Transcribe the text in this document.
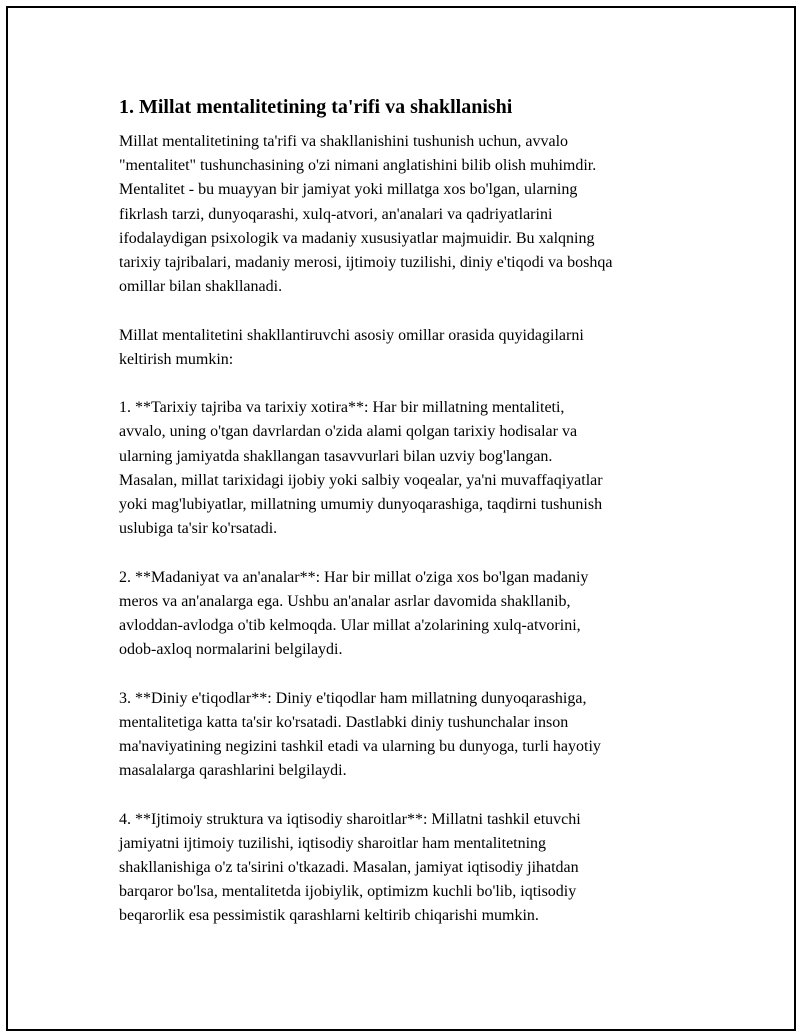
1. Millat mentalitetining ta'rifi va shakllanishi

Millat mentalitetining ta'rifi va shakllanishini tushunish uchun, avvalo
"mentalitet" tushunchasining o'zi nimani anglatishini bilib olish muhimdir.
Mentalitet - bu muayyan bir jamiyat yoki millatga xos bo'lgan, ularning
fikrlash tarzi, dunyoqarashi, xulq-atvori, an'analari va qadriyatlarini
ifodalaydigan psixologik va madaniy xususiyatlar majmuidir. Bu xalqning
tarixiy tajribalari, madaniy merosi, ijtimoiy tuzilishi, diniy e'tiqodi va boshqa
omillar bilan shakllanadi.

Millat mentalitetini shakllantiruvchi asosiy omillar orasida quyidagilarni
keltirish mumkin:

1. **Tarixiy tajriba va tarixiy xotira**: Har bir millatning mentaliteti,
avvalo, uning o'tgan davrlardan o'zida alami qolgan tarixiy hodisalar va
ularning jamiyatda shakllangan tasavvurlari bilan uzviy bog'langan.
Masalan, millat tarixidagi ijobiy yoki salbiy voqealar, ya'ni muvaffaqiyatlar
yoki mag'lubiyatlar, millatning umumiy dunyoqarashiga, taqdirni tushunish
uslubiga ta'sir ko'rsatadi.

2. **Madaniyat va an'analar**: Har bir millat o'ziga xos bo'lgan madaniy
meros va an'analarga ega. Ushbu an'analar asrlar davomida shakllanib,
avloddan-avlodga o'tib kelmoqda. Ular millat a'zolarining xulq-atvorini,
odob-axloq normalarini belgilaydi.

3. **Diniy e'tiqodlar**: Diniy e'tiqodlar ham millatning dunyoqarashiga,
mentalitetiga katta ta'sir ko'rsatadi. Dastlabki diniy tushunchalar inson
ma'naviyatining negizini tashkil etadi va ularning bu dunyoga, turli hayotiy
masalalarga qarashlarini belgilaydi.

4. **Ijtimoiy struktura va iqtisodiy sharoitlar**: Millatni tashkil etuvchi
jamiyatni ijtimoiy tuzilishi, iqtisodiy sharoitlar ham mentalitetning
shakllanishiga o'z ta'sirini o'tkazadi. Masalan, jamiyat iqtisodiy jihatdan
barqaror bo'lsa, mentalitetda ijobiylik, optimizm kuchli bo'lib, iqtisodiy
beqarorlik esa pessimistik qarashlarni keltirib chiqarishi mumkin.
